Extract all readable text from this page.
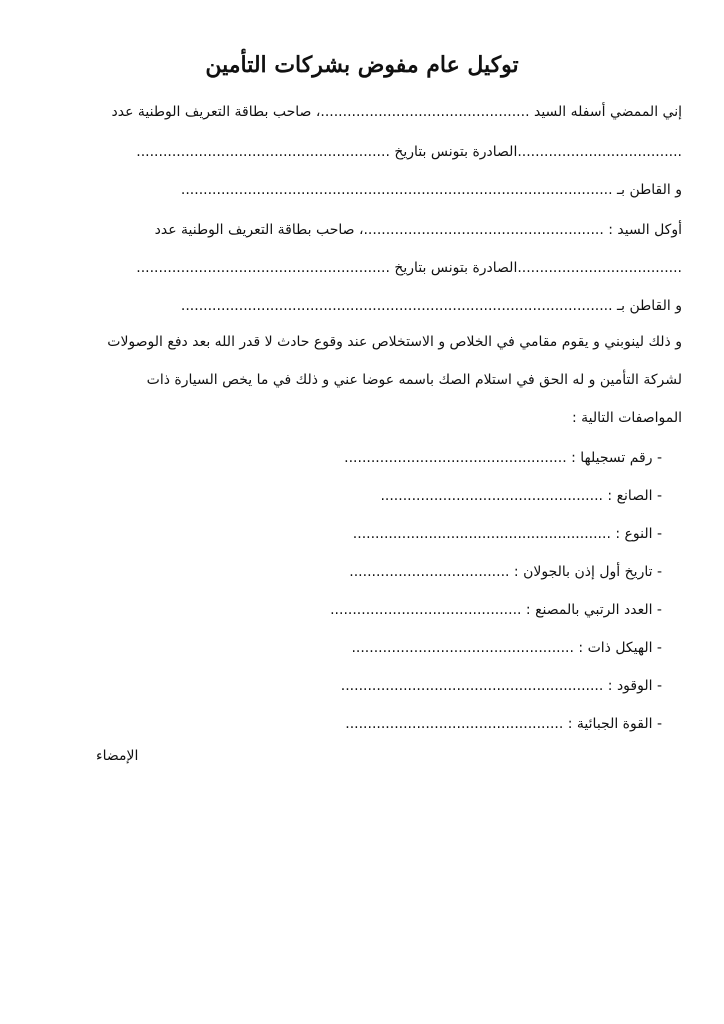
توكيل عام مفوض بشركات التأمين
إني الممضي أسفله السيد ...............................................، صاحب بطاقة التعريف الوطنية عدد
.....................................الصادرة بتونس بتاريخ .........................................................
و القاطن بـ .................................................................................................
أوكل السيد : ......................................................، صاحب بطاقة التعريف الوطنية عدد
.....................................الصادرة بتونس بتاريخ .........................................................
و القاطن بـ .................................................................................................
و ذلك لينوبني و يقوم مقامي في الخلاص و الاستخلاص عند وقوع حادث لا قدر الله بعد دفع الوصولات
لشركة التأمين و له الحق في استلام الصك باسمه عوضا عني و ذلك في ما يخص السيارة ذات
المواصفات التالية :
- رقم تسجيلها : ..................................................
- الصانع : ..................................................
- النوع : ..........................................................
- تاريخ أول إذن بالجولان : ....................................
- العدد الرتبي بالمصنع : ...........................................
- الهيكل ذات : ..................................................
- الوقود : ...........................................................
- القوة الجبائية : .................................................
الإمضاء
